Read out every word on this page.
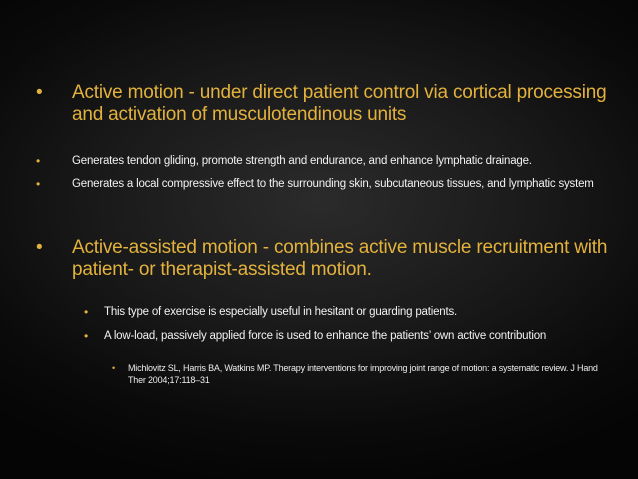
• Active motion - under direct patient control via cortical processing and activation of musculotendinous units

•	Generates tendon gliding, promote strength and endurance, and enhance lymphatic drainage.

•	Generates a local compressive effect to the surrounding skin, subcutaneous tissues, and lymphatic system

• Active-assisted motion - combines active muscle recruitment with patient- or therapist-assisted motion.

• This type of exercise is especially useful in hesitant or guarding patients.

• A low-load, passively applied force is used to enhance the patients’ own active contribution

• Michlovitz SL, Harris BA, Watkins MP. Therapy interventions for improving joint range of motion: a systematic review. J Hand Ther 2004;17:118–31
